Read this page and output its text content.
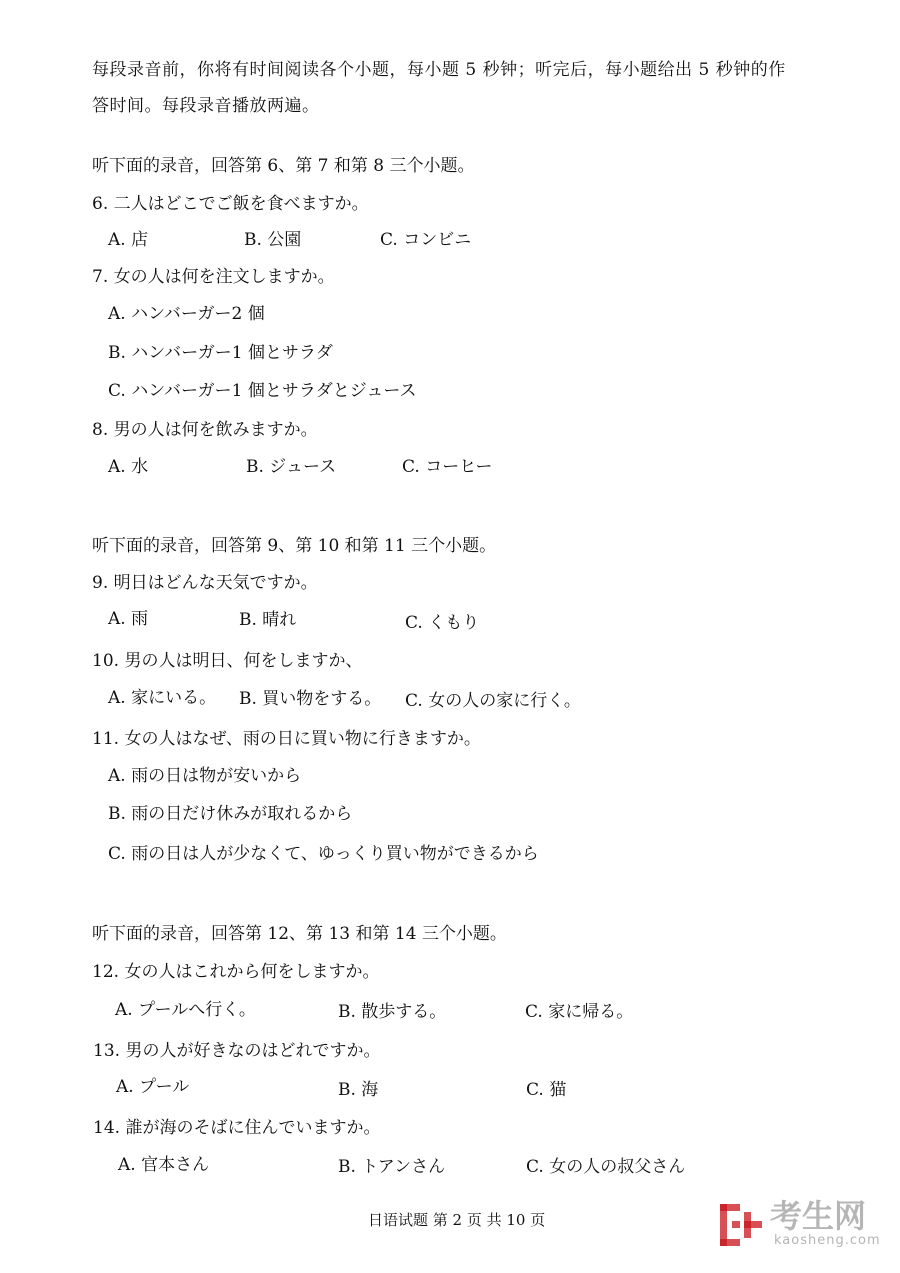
每段录音前，你将有时间阅读各个小题，每小题 5 秒钟；听完后，每小题给出 5 秒钟的作
答时间。每段录音播放两遍。
听下面的录音，回答第 6、第 7 和第 8 三个小题。
6. 二人はどこでご飯を食べますか。
A. 店	B. 公園	C. コンビニ
7. 女の人は何を注文しますか。
A. ハンバーガー2 個
B. ハンバーガー1 個とサラダ
C. ハンバーガー1 個とサラダとジュース
8. 男の人は何を飲みますか。
A. 水	B. ジュース	C. コーヒー
听下面的录音，回答第 9、第 10 和第 11 三个小题。
9. 明日はどんな天気ですか。
A. 雨	B. 晴れ	C. くもり
10. 男の人は明日、何をしますか、
A. 家にいる。 B. 買い物をする。 C. 女の人の家に行く。
11. 女の人はなぜ、雨の日に買い物に行きますか。
A. 雨の日は物が安いから
B. 雨の日だけ休みが取れるから
C. 雨の日は人が少なくて、ゆっくり買い物ができるから
听下面的录音，回答第 12、第 13 和第 14 三个小题。
12. 女の人はこれから何をしますか。
A. プールへ行く。	B. 散歩する。	C. 家に帰る。
13. 男の人が好きなのはどれですか。
A. プール	B. 海	C. 猫
14. 誰が海のそばに住んでいますか。
A. 官本さん	B. トアンさん	C. 女の人の叔父さん
日语试题 第 2 页 共 10 页	考生网
kaosheng.com
